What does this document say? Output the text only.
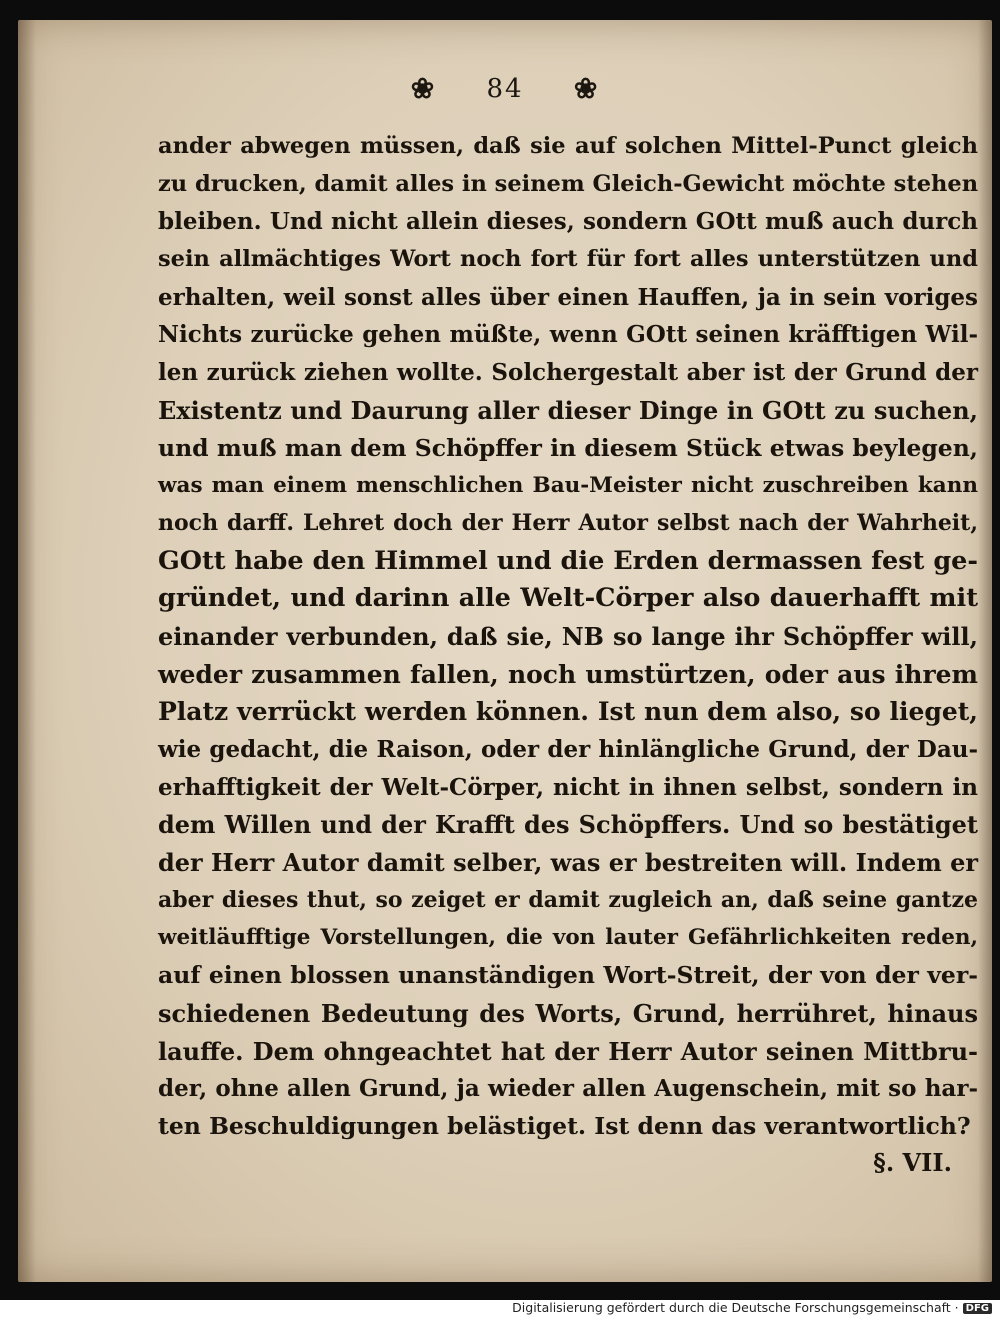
❀ 84 ❀
ander abwegen müssen, daß sie auf solchen Mittel-Punct gleich
zu drucken, damit alles in seinem Gleich-Gewicht möchte stehen
bleiben. Und nicht allein dieses, sondern GOtt muß auch durch
sein allmächtiges Wort noch fort für fort alles unterstützen und
erhalten, weil sonst alles über einen Hauffen, ja in sein voriges
Nichts zurücke gehen müßte, wenn GOtt seinen kräfftigen Wil-
len zurück ziehen wollte. Solchergestalt aber ist der Grund der
Existentz und Daurung aller dieser Dinge in GOtt zu suchen,
und muß man dem Schöpffer in diesem Stück etwas beylegen,
was man einem menschlichen Bau-Meister nicht zuschreiben kann
noch darff. Lehret doch der Herr Autor selbst nach der Wahrheit,
GOtt habe den Himmel und die Erden dermassen fest ge-
gründet, und darinn alle Welt-Cörper also dauerhafft mit
einander verbunden, daß sie, NB so lange ihr Schöpffer will,
weder zusammen fallen, noch umstürtzen, oder aus ihrem
Platz verrückt werden können. Ist nun dem also, so lieget,
wie gedacht, die Raison, oder der hinlängliche Grund, der Dau-
erhafftigkeit der Welt-Cörper, nicht in ihnen selbst, sondern in
dem Willen und der Krafft des Schöpffers. Und so bestätiget
der Herr Autor damit selber, was er bestreiten will. Indem er
aber dieses thut, so zeiget er damit zugleich an, daß seine gantze
weitläufftige Vorstellungen, die von lauter Gefährlichkeiten reden,
auf einen blossen unanständigen Wort-Streit, der von der ver-
schiedenen Bedeutung des Worts, Grund, herrühret, hinaus
lauffe. Dem ohngeachtet hat der Herr Autor seinen Mittbru-
der, ohne allen Grund, ja wieder allen Augenschein, mit so har-
ten Beschuldigungen belästiget. Ist denn das verantwortlich?
§. VII.
Digitalisierung gefördert durch die Deutsche Forschungsgemeinschaft · DFG
